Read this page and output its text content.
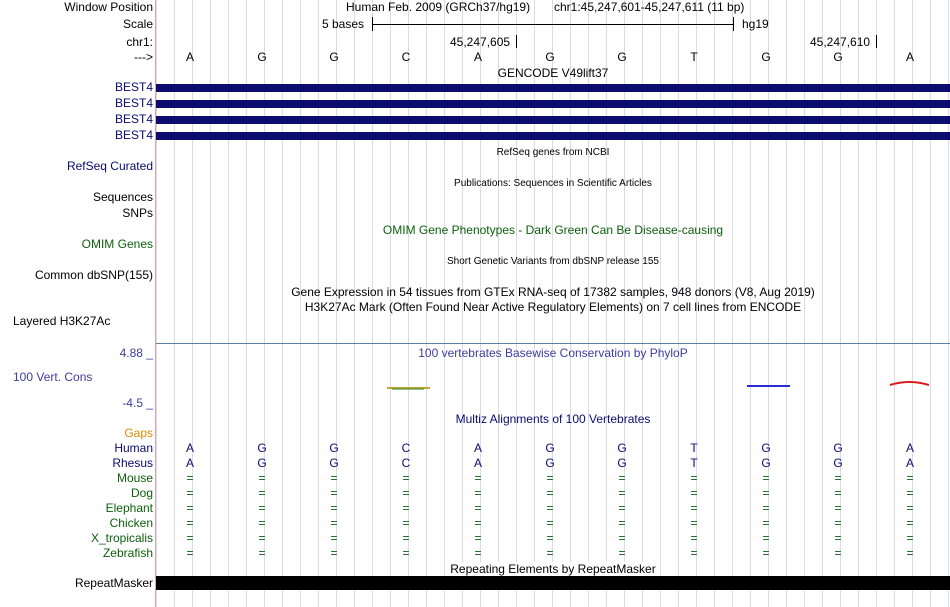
Window Position	Human Feb. 2009 (GRCh37/hg19) chr1:45,247,601-45,247,611 (11 bp)
Scale	5 bases	hg19
chr1:	45,247,605	45,247,610
--->	A	G	G	C	A	G	G	T	G	G	A
GENCODE V49lift37
BEST4
BEST4
BEST4
BEST4
RefSeq genes from NCBI
RefSeq Curated
Sequences
Publications: Sequences in Scientific Articles
SNPs
OMIM Gene Phenotypes - Dark Green Can Be Disease-causing
OMIM Genes
Short Genetic Variants from dbSNP release 155
Common dbSNP(155)
Gene Expression in 54 tissues from GTEx RNA-seq of 17382 samples, 948 donors (V8, Aug 2019)
H3K27Ac Mark (Often Found Near Active Regulatory Elements) on 7 cell lines from ENCODE
Layered H3K27Ac
4.88 _	100 vertebrates Basewise Conservation by PhyloP
100 Vert. Cons
-4.5 _
Multiz Alignments of 100 Vertebrates
Gaps
Human	A	G	G	C	A	G	G	T	G	G	A
Rhesus	A	G	G	C	A	G	G	T	G	G	A
Mouse	=	=	=	=	=	=	=	=	=	=	=
Dog	=	=	=	=	=	=	=	=	=	=	=
Elephant	=	=	=	=	=	=	=	=	=	=	=
Chicken	=	=	=	=	=	=	=	=	=	=	=
X_tropicalis	=	=	=	=	=	=	=	=	=	=	=
Zebrafish	=	=	=	=	=	=	=	=	=	=	=
Repeating Elements by RepeatMasker
RepeatMasker
